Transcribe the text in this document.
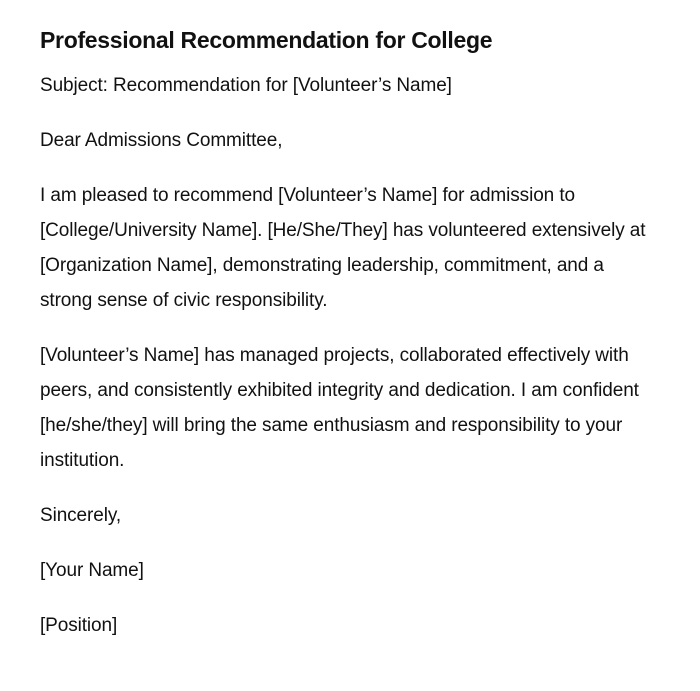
Professional Recommendation for College

Subject: Recommendation for [Volunteer’s Name]

Dear Admissions Committee,

I am pleased to recommend [Volunteer’s Name] for admission to [College/University Name]. [He/She/They] has volunteered extensively at [Organization Name], demonstrating leadership, commitment, and a strong sense of civic responsibility.

[Volunteer’s Name] has managed projects, collaborated effectively with peers, and consistently exhibited integrity and dedication. I am confident [he/she/they] will bring the same enthusiasm and responsibility to your institution.

Sincerely,

[Your Name]

[Position]
